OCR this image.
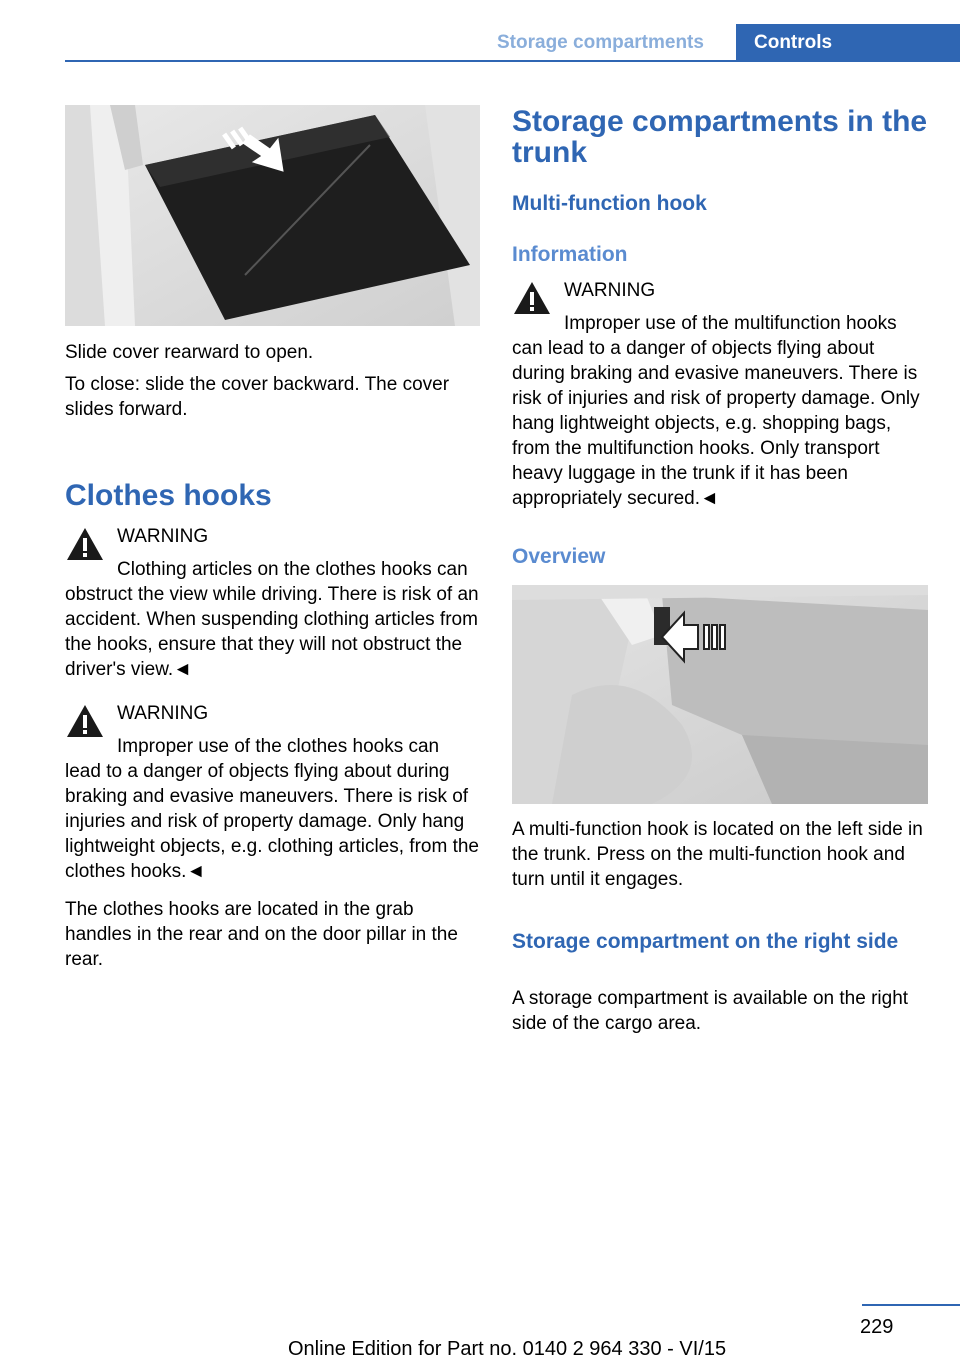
Storage compartments	Controls
Slide cover rearward to open.
To close: slide the cover backward. The cover slides forward.
Clothes hooks
WARNING
Clothing articles on the clothes hooks can obstruct the view while driving. There is risk of an accident. When suspending clothing articles from the hooks, ensure that they will not obstruct the driver's view.◄
WARNING
Improper use of the clothes hooks can lead to a danger of objects flying about during braking and evasive maneuvers. There is risk of injuries and risk of property damage. Only hang lightweight objects, e.g. clothing articles, from the clothes hooks.◄
The clothes hooks are located in the grab handles in the rear and on the door pillar in the rear.
Storage compartments in the trunk
Multi-function hook
Information
WARNING
Improper use of the multifunction hooks can lead to a danger of objects flying about during braking and evasive maneuvers. There is risk of injuries and risk of property damage. Only hang lightweight objects, e.g. shopping bags, from the multifunction hooks. Only transport heavy luggage in the trunk if it has been appropriately secured.◄
Overview
A multi-function hook is located on the left side in the trunk. Press on the multi-function hook and turn until it engages.
Storage compartment on the right side
A storage compartment is available on the right side of the cargo area.
229
Online Edition for Part no. 0140 2 964 330 - VI/15
